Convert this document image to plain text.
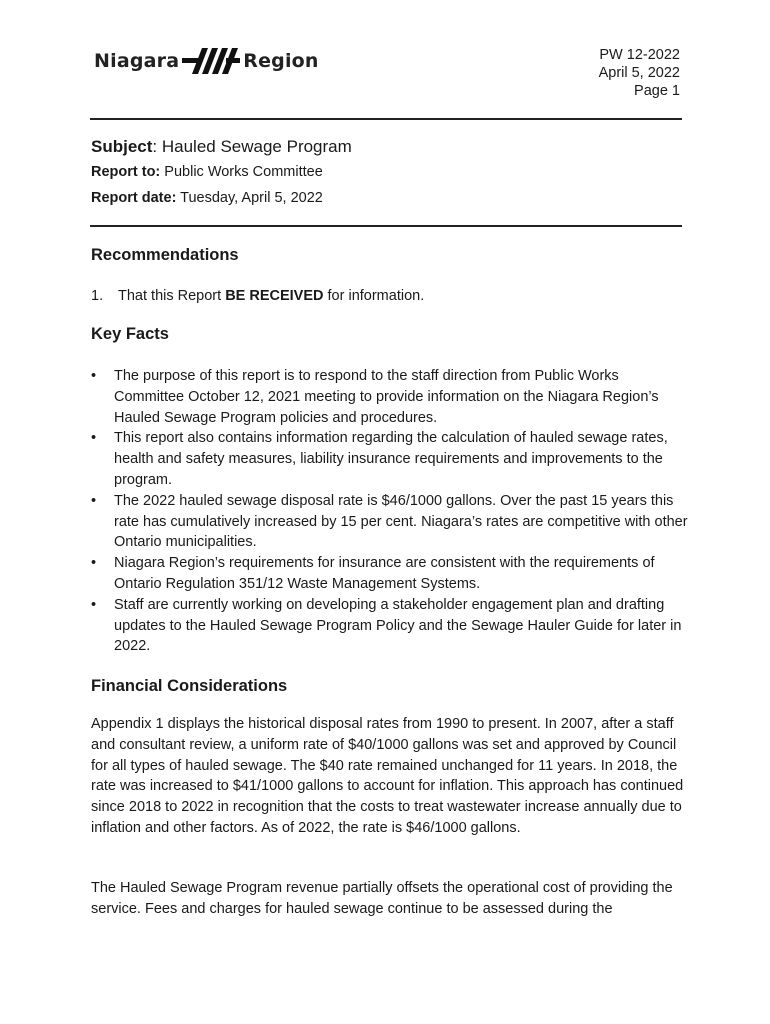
Niagara	Region	PW 12-2022
April 5, 2022
Page 1
Subject: Hauled Sewage Program
Report to: Public Works Committee
Report date: Tuesday, April 5, 2022
Recommendations
1. That this Report BE RECEIVED for information.
Key Facts
• The purpose of this report is to respond to the staff direction from Public Works Committee October 12, 2021 meeting to provide information on the Niagara Region’s Hauled Sewage Program policies and procedures.
• This report also contains information regarding the calculation of hauled sewage rates, health and safety measures, liability insurance requirements and improvements to the program.
• The 2022 hauled sewage disposal rate is $46/1000 gallons. Over the past 15 years this rate has cumulatively increased by 15 per cent. Niagara’s rates are competitive with other Ontario municipalities.
• Niagara Region’s requirements for insurance are consistent with the requirements of Ontario Regulation 351/12 Waste Management Systems.
• Staff are currently working on developing a stakeholder engagement plan and drafting updates to the Hauled Sewage Program Policy and the Sewage Hauler Guide for later in 2022.
Financial Considerations

Appendix 1 displays the historical disposal rates from 1990 to present. In 2007, after a staff and consultant review, a uniform rate of $40/1000 gallons was set and approved by Council for all types of hauled sewage. The $40 rate remained unchanged for 11 years. In 2018, the rate was increased to $41/1000 gallons to account for inflation. This approach has continued since 2018 to 2022 in recognition that the costs to treat wastewater increase annually due to inflation and other factors. As of 2022, the rate is $46/1000 gallons.

The Hauled Sewage Program revenue partially offsets the operational cost of providing the service. Fees and charges for hauled sewage continue to be assessed during the
